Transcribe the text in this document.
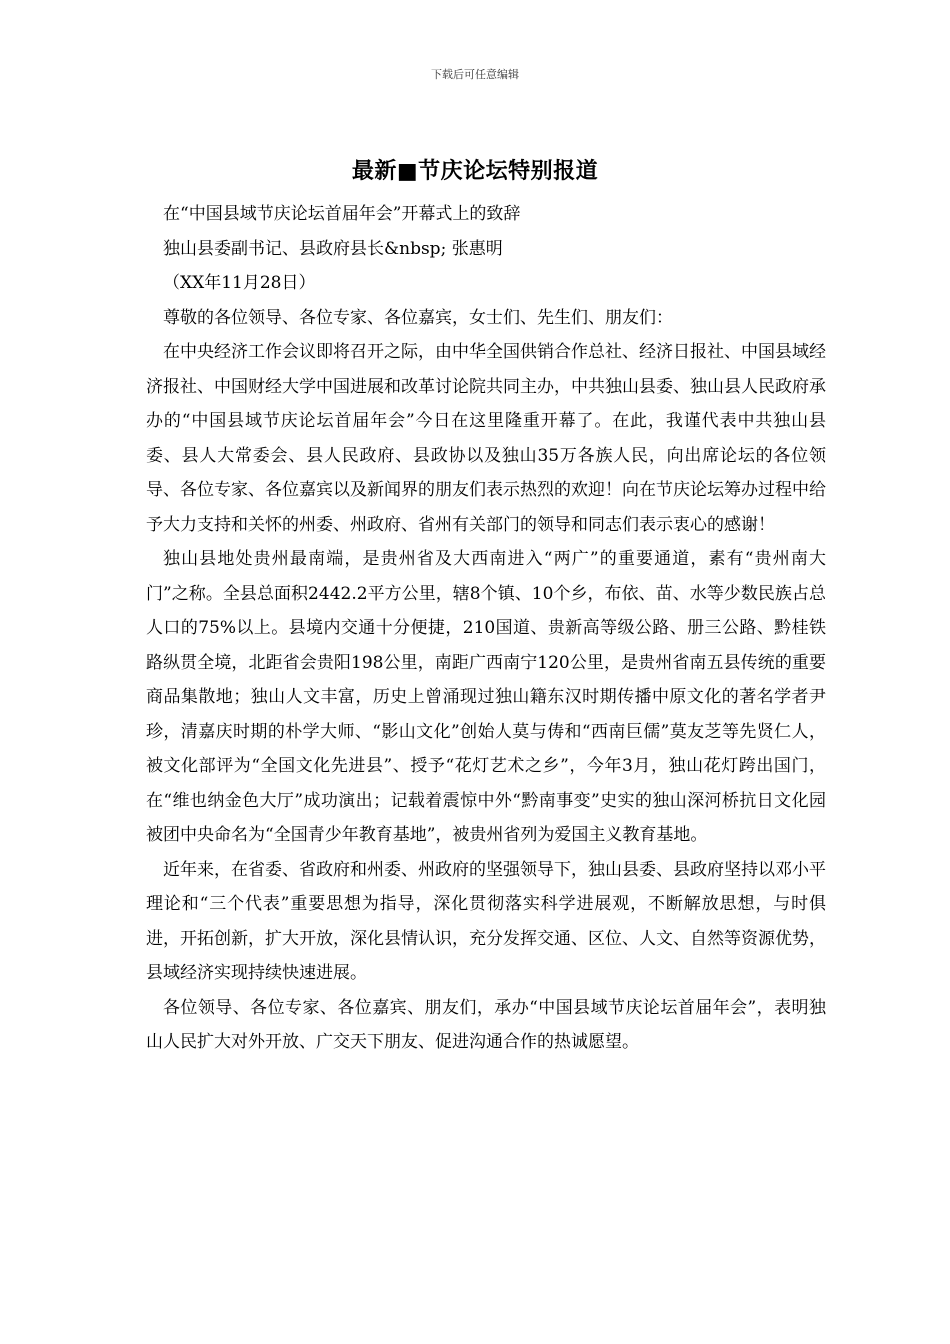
下载后可任意编辑
最新■节庆论坛特别报道

在“中国县域节庆论坛首届年会”开幕式上的致辞

独山县委副书记、县政府县长&nbsp; 张惠明

（XX年11月28日）

尊敬的各位领导、各位专家、各位嘉宾，女士们、先生们、朋友们：

在中央经济工作会议即将召开之际，由中华全国供销合作总社、经济日报社、中国县域经济报社、中国财经大学中国进展和改革讨论院共同主办，中共独山县委、独山县人民政府承办的“中国县域节庆论坛首届年会”今日在这里隆重开幕了。在此，我谨代表中共独山县委、县人大常委会、县人民政府、县政协以及独山35万各族人民，向出席论坛的各位领导、各位专家、各位嘉宾以及新闻界的朋友们表示热烈的欢迎！向在节庆论坛筹办过程中给予大力支持和关怀的州委、州政府、省州有关部门的领导和同志们表示衷心的感谢！

独山县地处贵州最南端，是贵州省及大西南进入“两广”的重要通道，素有“贵州南大门”之称。全县总面积2442.2平方公里，辖8个镇、10个乡，布依、苗、水等少数民族占总人口的75%以上。县境内交通十分便捷，210国道、贵新高等级公路、册三公路、黔桂铁路纵贯全境，北距省会贵阳198公里，南距广西南宁120公里，是贵州省南五县传统的重要商品集散地；独山人文丰富，历史上曾涌现过独山籍东汉时期传播中原文化的著名学者尹珍，清嘉庆时期的朴学大师、“影山文化”创始人莫与俦和“西南巨儒”莫友芝等先贤仁人，被文化部评为“全国文化先进县”、授予“花灯艺术之乡”，今年3月，独山花灯跨出国门，在“维也纳金色大厅”成功演出；记载着震惊中外“黔南事变”史实的独山深河桥抗日文化园被团中央命名为“全国青少年教育基地”，被贵州省列为爱国主义教育基地。

近年来，在省委、省政府和州委、州政府的坚强领导下，独山县委、县政府坚持以邓小平理论和“三个代表”重要思想为指导，深化贯彻落实科学进展观，不断解放思想，与时俱进，开拓创新，扩大开放，深化县情认识，充分发挥交通、区位、人文、自然等资源优势，县域经济实现持续快速进展。

各位领导、各位专家、各位嘉宾、朋友们，承办“中国县域节庆论坛首届年会”，表明独山人民扩大对外开放、广交天下朋友、促进沟通合作的热诚愿望。
